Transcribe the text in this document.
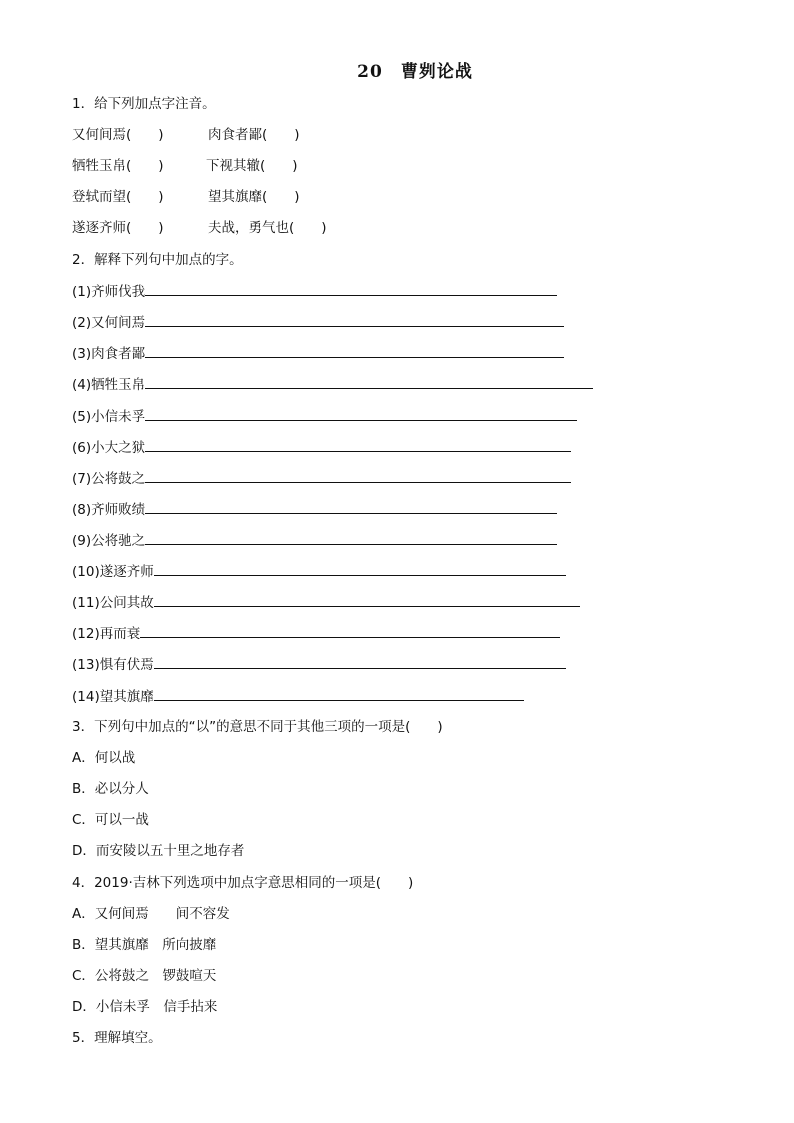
20 曹刿论战
1．给下列加点字注音。
又何间焉(　　)	肉食者鄙(　　)
牺牲玉帛(　　)	下视其辙(　　)
登轼而望(　　)	望其旗靡(　　)
遂逐齐师(　　)	夫战，勇气也(　　)
2．解释下列句中加点的字。
(1)齐师伐我
(2)又何间焉
(3)肉食者鄙
(4)牺牲玉帛
(5)小信未孚
(6)小大之狱
(7)公将鼓之
(8)齐师败绩
(9)公将驰之
(10)遂逐齐师
(11)公问其故
(12)再而衰
(13)惧有伏焉
(14)望其旗靡
3．下列句中加点的“以”的意思不同于其他三项的一项是(　　)
A．何以战
B．必以分人
C．可以一战
D．而安陵以五十里之地存者
4．2019·吉林下列选项中加点字意思相同的一项是(　　)
A．又何间焉　　间不容发
B．望其旗靡　所向披靡
C．公将鼓之　锣鼓喧天
D．小信未孚　信手拈来
5．理解填空。
